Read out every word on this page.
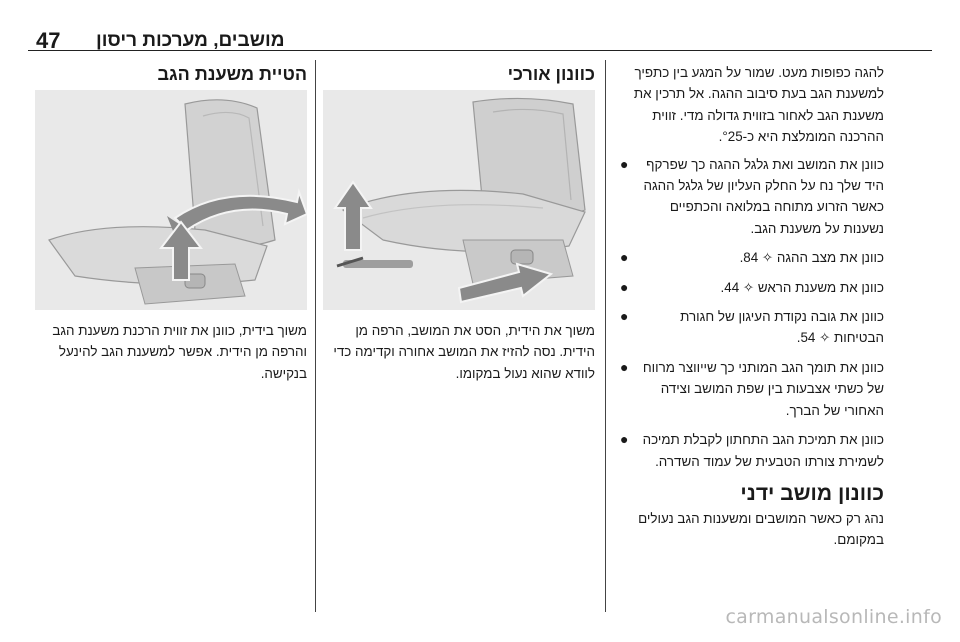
47 מושבים, מערכות ריסון

להגה כפופות מעט. שמור על המגע בין כתפיך למשענת הגב בעת סיבוב ההגה. אל תרכין את משענת הגב לאחור בזווית גדולה מדי. זווית ההרכנה המומלצת היא כ-°25.

● כוונן את המושב ואת גלגל ההגה כך שפרקף היד שלך נח על החלק העליון של גלגל ההגה כאשר הזרוע מתוחה במלואה והכתפיים נשענות על משענת הגב.
●	כוונן את מצב ההגה ✧ 84.
●	כוונן את משענת הראש ✧ 44.
●	כוונן את גובה נקודת העיגון של חגורת הבטיחות ✧ 54.
● כוונן את תומך הגב המותני כך שייווצר מרווח של כשתי אצבעות בין שפת המושב וצידה האחורי של הברך.
● כוונן את תמיכת הגב התחתון לקבלת תמיכה לשמירת צורתו הטבעית של עמוד השדרה.
כוונון מושב ידני

נהג רק כאשר המושבים ומשענות הגב נעולים במקומם.

כוונון אורכי

משוך את הידית, הסט את המושב, הרפה מן הידית. נסה להזיז את המושב אחורה וקדימה כדי לוודא שהוא נעול במקומו.

הטיית משענת הגב

משוך בידית, כוונן את זווית הרכנת משענת הגב והרפה מן הידית. אפשר למשענת הגב להינעל בנקישה.

carmanualsonline.info
